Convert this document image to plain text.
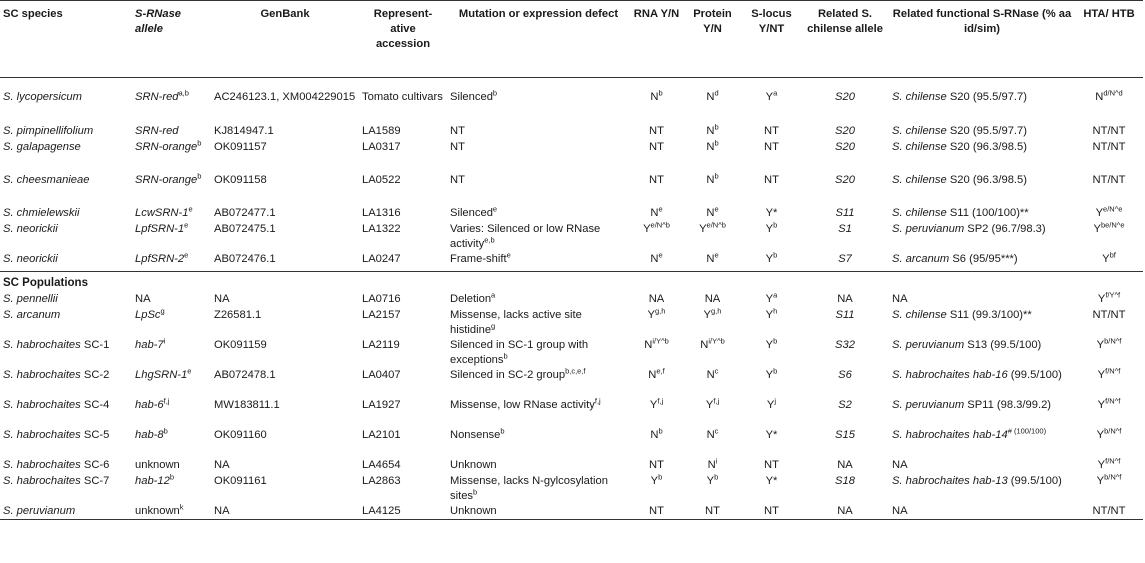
SC species	S-RNase allele	GenBank	Represent-ative accession	Mutation or expression defect	RNA Y/N	Protein Y/N	S-locus Y/NT	Related S. chilense allele	Related functional S-RNase (% aa id/sim)	HTA/ HTB
S. lycopersicum	SRN-red$^{a,b}$	AC246123.1, XM004229015	Tomato cultivars	Silenced$^b$	$N^b$	$N^d$	$Y^a$	S20	S. chilense S20 (95.5/97.7)	$N^{d/N\^{}d}$
S. pimpinellifolium	SRN-red	KJ814947.1	LA1589	NT	NT	$N^b$	NT	S20	S. chilense S20 (95.5/97.7)	NT/NT
S. galapagense	SRN-orange$^b$	OK091157	LA0317	NT	NT	$N^b$	NT	S20	S. chilense S20 (96.3/98.5)	NT/NT
S. cheesmanieae	SRN-orange$^b$	OK091158	LA0522	NT	NT	$N^b$	NT	S20	S. chilense S20 (96.3/98.5)	NT/NT
S. chmielewskii	LcwSRN-1e	AB072477.1	LA1316	Silenced$^e$	$N^e$	$N^e$	Y*	S11	S. chilense S11 (100/100)**	$Y^{e/N\^{}e}$
S. neorickii	LpfSRN-1e	AB072475.1	LA1322	Varies: Silenced or low RNase activity$^{e,b}$	$Y^{e/N\^{}b}$	$Y^{e/N\^{}b}$	$Y^b$	S1	S. peruvianum SP2 (96.7/98.3)	$Y^{be/N\^{}e}$
S. neorickii	LpfSRN-2e	AB072476.1	LA0247	Frame-shift$^e$	$N^e$	$N^e$	$Y^b$	S7	S. arcanum S6 (95/95***)	$Y^{bf}$

SC Populations										
S. pennellii	NA	NA	LA0716	Deletion$^a$	NA	NA	$Y^a$	NA	NA	$Y^{f/Y\^{}f}$
S. arcanum	LpSc$^g$	Z26581.1	LA2157	Missense, lacks active site histidine$^g$	Y$^{g,h}$	Y$^{g,h}$	$Y^h$	S11	S. chilense S11 (99.3/100)**	NT/NT
S. habrochaites SC-1	hab-7$^i$	OK091159	LA2119	Silenced in SC-1 group with exceptions$^b$	$N^{i/Y\^{}b}$	$N^{i/Y\^{}b}$	$Y^b$	S32	S. peruvianum S13 (99.5/100)	$Y^{b/N\^{}f}$
S. habrochaites SC-2	LhgSRN-1e	AB072478.1	LA0407	Silenced in SC-2 group$^{b,c,e,f}$	N$^{e,f}$	$N^c$	$Y^b$	S6	S. habrochaites hab-16 (99.5/100)	$Y^{f/N\^{}f}$
S. habrochaites SC-4	hab-6$^{f,j}$	MW183811.1	LA1927	Missense, low RNase activity$^{f,j}$	Y$^{f,j}$	Y$^{f,j}$	$Y^j$	S2	S. peruvianum SP11 (98.3/99.2)	$Y^{f/N\^{}f}$
S. habrochaites SC-5	hab-8$^b$	OK091160	LA2101	Nonsense$^b$	$N^b$	$N^c$	Y*	S15	S. habrochaites hab-$14^{\# (100/100)}$	$Y^{b/N\^{}f}$
S. habrochaites SC-6	unknown	NA	LA4654	Unknown	NT	$N^i$	NT	NA	NA	$Y^{f/N\^{}f}$
S. habrochaites SC-7	hab-12$^b$	OK091161	LA2863	Missense, lacks N-gylcosylation sites$^b$	$Y^b$	$Y^b$	Y*	S18	S. habrochaites hab-13 (99.5/100)	$Y^{b/N\^{}f}$
S. peruvianum	unknown$^k$	NA	LA4125	Unknown	NT	NT	NT	NA	NA	NT/NT
